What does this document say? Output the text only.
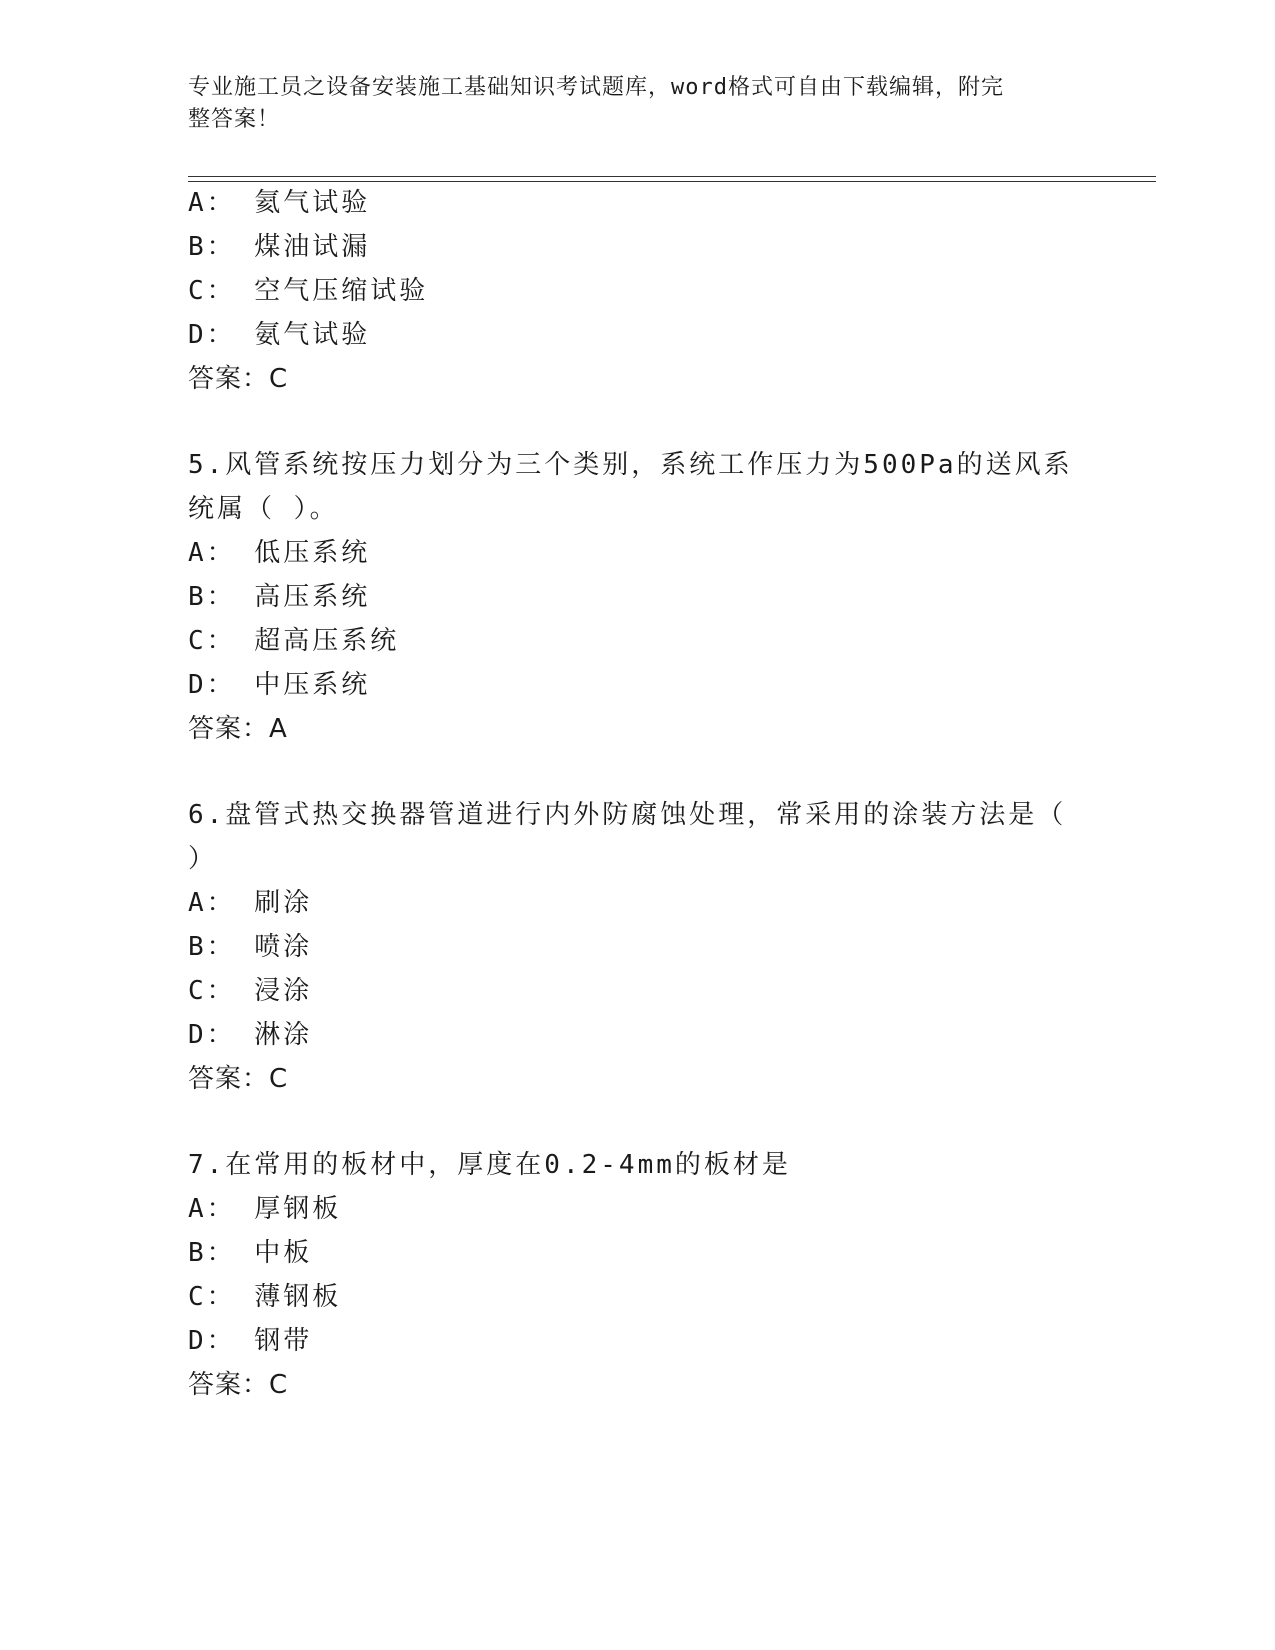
专业施工员之设备安装施工基础知识考试题库，word格式可自由下载编辑，附完
整答案！
A： 氦气试验
B： 煤油试漏
C： 空气压缩试验
D： 氨气试验
答案：C
5.风管系统按压力划分为三个类别，系统工作压力为500Pa的送风系
统属（ ）。
A： 低压系统
B： 高压系统
C： 超高压系统
D： 中压系统
答案：A
6.盘管式热交换器管道进行内外防腐蚀处理，常采用的涂装方法是（
）
A： 刷涂
B： 喷涂
C： 浸涂
D： 淋涂
答案：C
7.在常用的板材中，厚度在0.2-4mm的板材是
A： 厚钢板
B： 中板
C： 薄钢板
D： 钢带
答案：C
